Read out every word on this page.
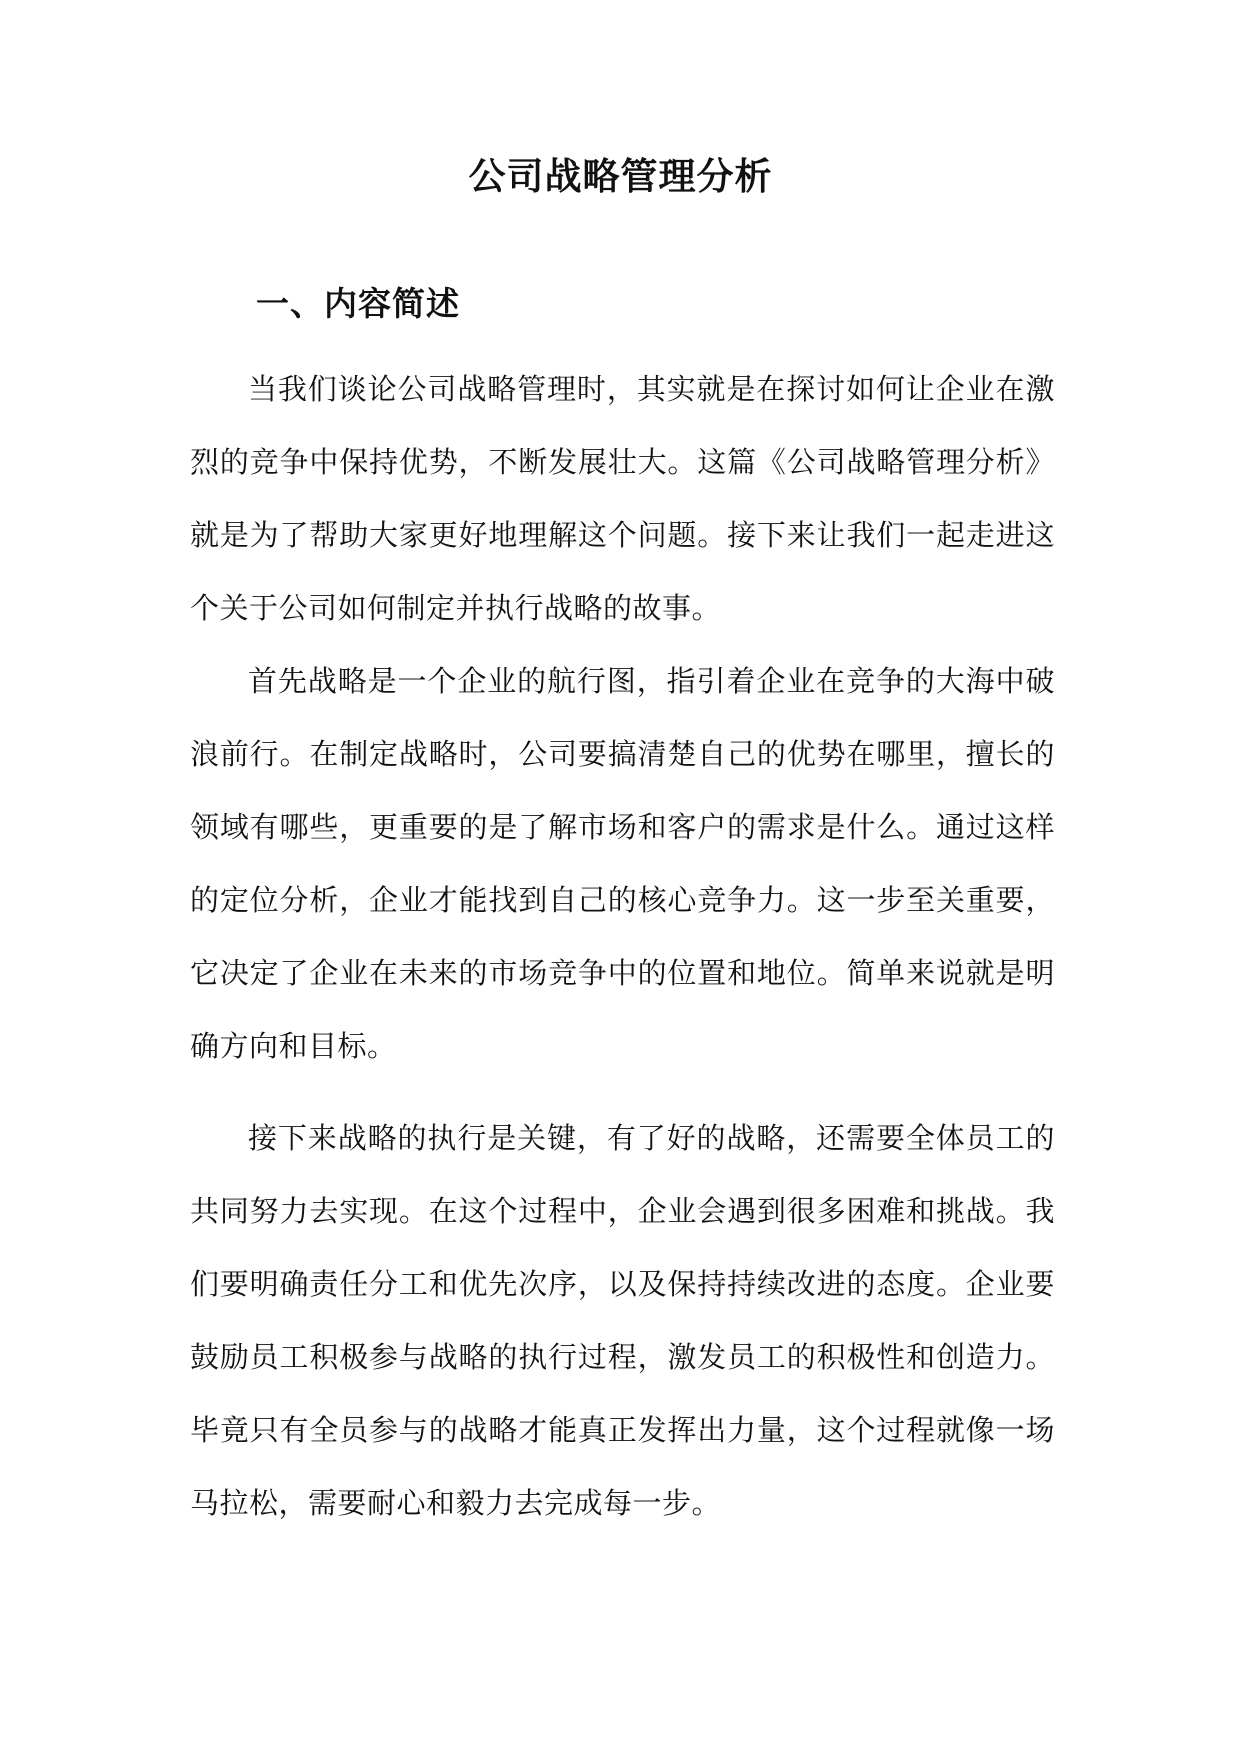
公司战略管理分析
一、内容简述

当我们谈论公司战略管理时，其实就是在探讨如何让企业在激烈的竞争中保持优势，不断发展壮大。这篇《公司战略管理分析》就是为了帮助大家更好地理解这个问题。接下来让我们一起走进这个关于公司如何制定并执行战略的故事。

首先战略是一个企业的航行图，指引着企业在竞争的大海中破浪前行。在制定战略时，公司要搞清楚自己的优势在哪里，擅长的领域有哪些，更重要的是了解市场和客户的需求是什么。通过这样的定位分析，企业才能找到自己的核心竞争力。这一步至关重要，它决定了企业在未来的市场竞争中的位置和地位。简单来说就是明确方向和目标。

接下来战略的执行是关键，有了好的战略，还需要全体员工的共同努力去实现。在这个过程中，企业会遇到很多困难和挑战。我们要明确责任分工和优先次序，以及保持持续改进的态度。企业要鼓励员工积极参与战略的执行过程，激发员工的积极性和创造力。毕竟只有全员参与的战略才能真正发挥出力量，这个过程就像一场马拉松，需要耐心和毅力去完成每一步。
